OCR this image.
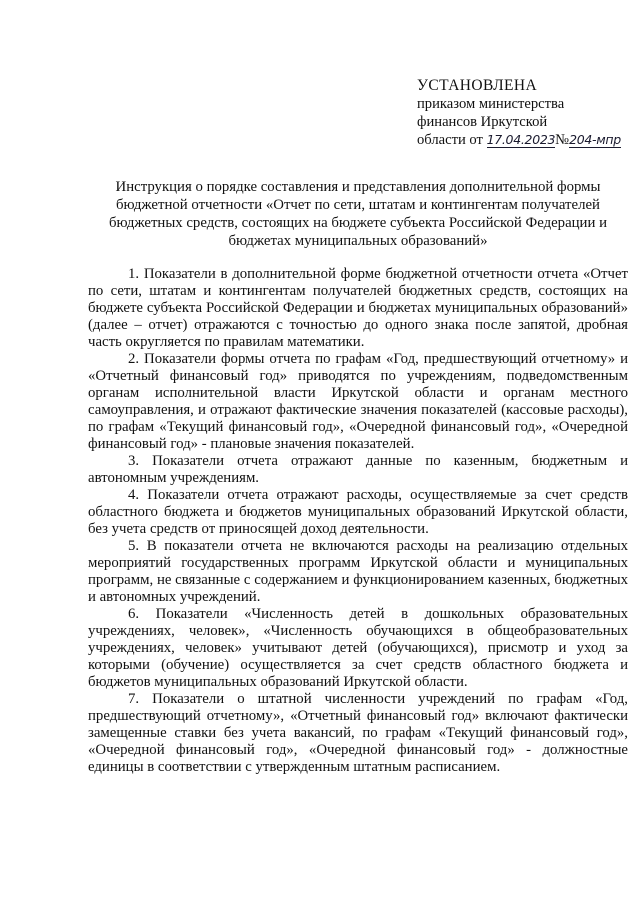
УСТАНОВЛЕНА
приказом министерства
финансов Иркутской
области от 17.04.2023№204-мпр
Инструкция о порядке составления и представления дополнительной формы бюджетной отчетности «Отчет по сети, штатам и контингентам получателей бюджетных средств, состоящих на бюджете субъекта Российской Федерации и бюджетах муниципальных образований»

1. Показатели в дополнительной форме бюджетной отчетности отчета «Отчет по сети, штатам и контингентам получателей бюджетных средств, состоящих на бюджете субъекта Российской Федерации и бюджетах муниципальных образований» (далее – отчет) отражаются с точностью до одного знака после запятой, дробная часть округляется по правилам математики.

2. Показатели формы отчета по графам «Год, предшествующий отчетному» и «Отчетный финансовый год» приводятся по учреждениям, подведомственным органам исполнительной власти Иркутской области и органам местного самоуправления, и отражают фактические значения показателей (кассовые расходы), по графам «Текущий финансовый год», «Очередной финансовый год», «Очередной финансовый год» - плановые значения показателей.

3. Показатели отчета отражают данные по казенным, бюджетным и автономным учреждениям.

4. Показатели отчета отражают расходы, осуществляемые за счет средств областного бюджета и бюджетов муниципальных образований Иркутской области, без учета средств от приносящей доход деятельности.

5. В показатели отчета не включаются расходы на реализацию отдельных мероприятий государственных программ Иркутской области и муниципальных программ, не связанные с содержанием и функционированием казенных, бюджетных и автономных учреждений.

6. Показатели «Численность детей в дошкольных образовательных учреждениях, человек», «Численность обучающихся в общеобразовательных учреждениях, человек» учитывают детей (обучающихся), присмотр и уход за которыми (обучение) осуществляется за счет средств областного бюджета и бюджетов муниципальных образований Иркутской области.

7. Показатели о штатной численности учреждений по графам «Год, предшествующий отчетному», «Отчетный финансовый год» включают фактически замещенные ставки без учета вакансий, по графам «Текущий финансовый год», «Очередной финансовый год», «Очередной финансовый год» - должностные единицы в соответствии с утвержденным штатным расписанием.
